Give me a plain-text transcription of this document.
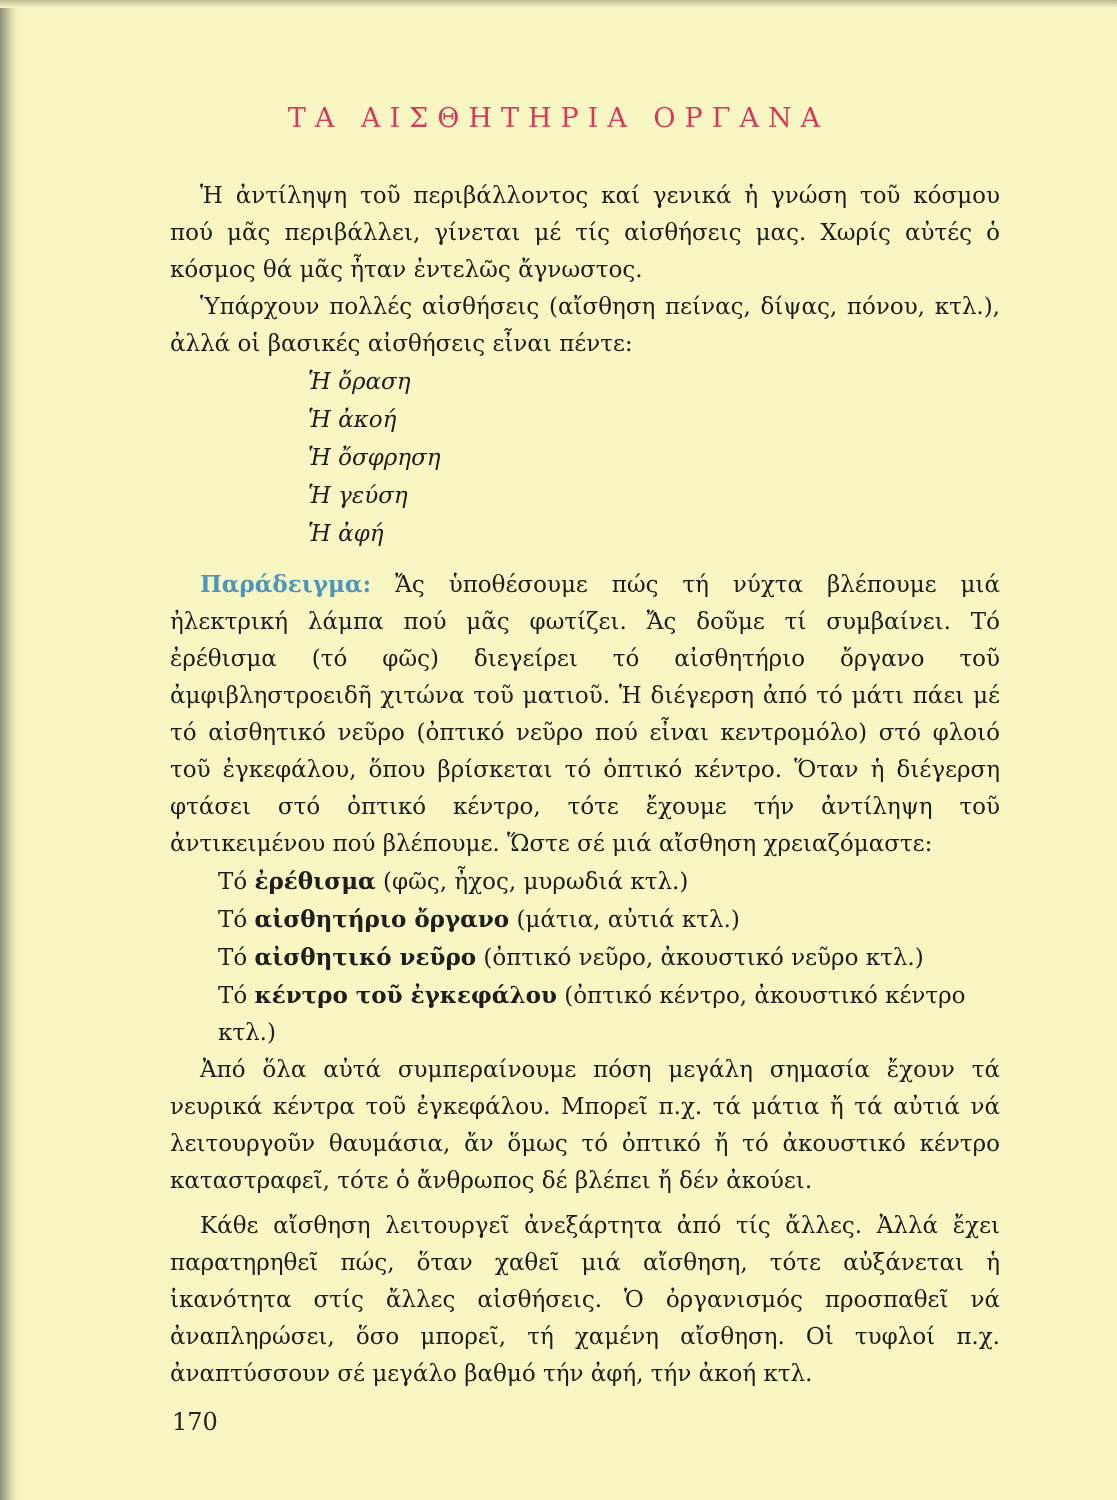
ΤΑ ΑΙΣΘΗΤΗΡΙΑ ΟΡΓΑΝΑ

Ἡ ἀντίληψη τοῦ περιβάλλοντος καί γενικά ἡ γνώση τοῦ κόσμου πού μᾶς περιβάλλει, γίνεται μέ τίς αἰσθήσεις μας. Χωρίς αὐτές ὁ κόσμος θά μᾶς ἦταν ἐντελῶς ἄγνωστος.

Ὑπάρχουν πολλές αἰσθήσεις (αἴσθηση πείνας, δίψας, πόνου, κτλ.), ἀλλά οἱ βασικές αἰσθήσεις εἶναι πέντε:

Ἡ ὄραση
Ἡ ἀκοή
Ἡ ὄσφρηση
Ἡ γεύση
Ἡ ἀφή

Παράδειγμα: Ἄς ὑποθέσουμε πώς τή νύχτα βλέπουμε μιά ἠλεκτρική λάμπα πού μᾶς φωτίζει. Ἄς δοῦμε τί συμβαίνει. Τό ἐρέθισμα (τό φῶς) διεγείρει τό αἰσθητήριο ὄργανο τοῦ ἀμφιβληστροειδῆ χιτώνα τοῦ ματιοῦ. Ἡ διέγερση ἀπό τό μάτι πάει μέ τό αἰσθητικό νεῦρο (ὀπτικό νεῦρο πού εἶναι κεντρομόλο) στό φλοιό τοῦ ἐγκεφάλου, ὅπου βρίσκεται τό ὀπτικό κέντρο. Ὅταν ἡ διέγερση φτάσει στό ὀπτικό κέντρο, τότε ἔχουμε τήν ἀντίληψη τοῦ ἀντικειμένου πού βλέπουμε. Ὥστε σέ μιά αἴσθηση χρειαζόμαστε:

Τό ἐρέθισμα (φῶς, ἦχος, μυρωδιά κτλ.)
Τό αἰσθητήριο ὄργανο (μάτια, αὐτιά κτλ.)
Τό αἰσθητικό νεῦρο (ὀπτικό νεῦρο, ἀκουστικό νεῦρο κτλ.)
Τό κέντρο τοῦ ἐγκεφάλου (ὀπτικό κέντρο, ἀκουστικό κέντρο κτλ.)

Ἀπό ὅλα αὐτά συμπεραίνουμε πόση μεγάλη σημασία ἔχουν τά νευρικά κέντρα τοῦ ἐγκεφάλου. Μπορεῖ π.χ. τά μάτια ἤ τά αὐτιά νά λειτουργοῦν θαυμάσια, ἄν ὅμως τό ὀπτικό ἤ τό ἀκουστικό κέντρο καταστραφεῖ, τότε ὁ ἄνθρωπος δέ βλέπει ἤ δέν ἀκούει.

Κάθε αἴσθηση λειτουργεῖ ἀνεξάρτητα ἀπό τίς ἄλλες. Ἀλλά ἔχει παρατηρηθεῖ πώς, ὅταν χαθεῖ μιά αἴσθηση, τότε αὐξάνεται ἡ ἱκανότητα στίς ἄλλες αἰσθήσεις. Ὁ ὀργανισμός προσπαθεῖ νά ἀναπληρώσει, ὅσο μπορεῖ, τή χαμένη αἴσθηση. Οἱ τυφλοί π.χ. ἀναπτύσσουν σέ μεγάλο βαθμό τήν ἀφή, τήν ἀκοή κτλ.

170
